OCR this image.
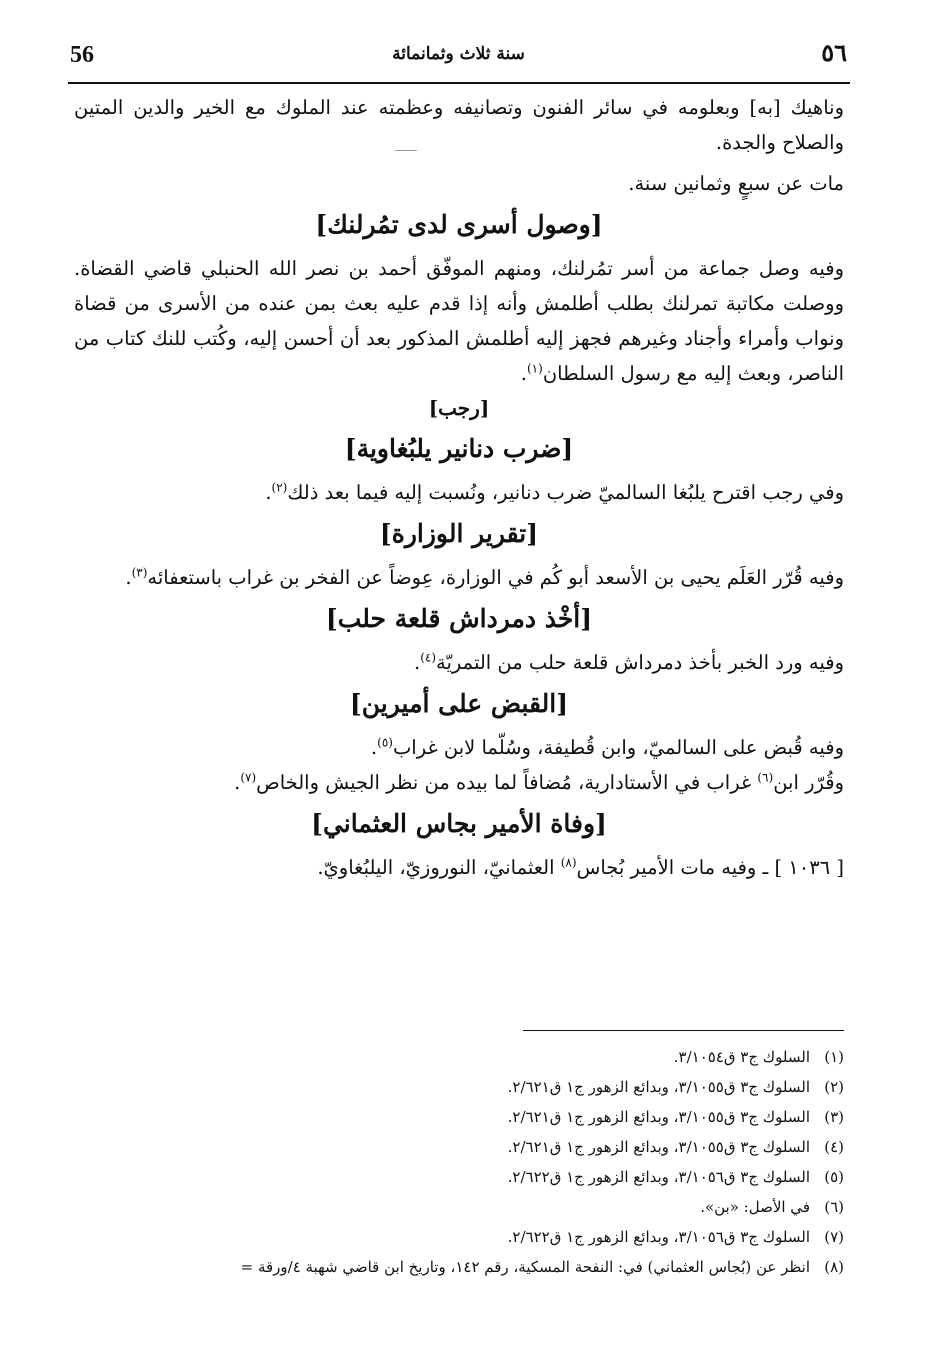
56	سنة ثلاث وثمانمائة	٥٦

وناهيك [به] وبعلومه في سائر الفنون وتصانيفه وعظمته عند الملوك مع الخير والدين المتين والصلاح والجدة.

مات عن سبعٍ وثمانين سنة.

[وصول أسرى لدى تمُرلنك]

وفيه وصل جماعة من أسر تمُرلنك، ومنهم الموفّق أحمد بن نصر الله الحنبلي قاضي القضاة. ووصلت مكاتبة تمرلنك بطلب أطلمش وأنه إذا قدم عليه بعث بمن عنده من الأسرى من قضاة ونواب وأمراء وأجناد وغيرهم فجهز إليه أطلمش المذكور بعد أن أحسن إليه، وكُتب للنك كتاب من الناصر، وبعث إليه مع رسول السلطان$^{(١)}$.

[رجب]
[ضرب دنانير يلبُغاوية]

وفي رجب اقترح يلبُغا السالميّ ضرب دنانير، ونُسبت إليه فيما بعد ذلك$^{(٢)}$.

[تقرير الوزارة]

وفيه قُرّر العَلَم يحيى بن الأسعد أبو كُم في الوزارة، عِوضاً عن الفخر بن غراب باستعفائه$^{(٣)}$.

[أخْذ دمرداش قلعة حلب]

وفيه ورد الخبر بأخذ دمرداش قلعة حلب من التمريّة$^{(٤)}$.

[القبض على أميرين]

وفيه قُبض على السالميّ، وابن قُطيفة، وسُلّما لابن غراب$^{(٥)}$.

وقُرّر ابن$^{(٦)}$ غراب في الأستادارية، مُضافاً لما بيده من نظر الجيش والخاص$^{(٧)}$.

[وفاة الأمير بجاس العثماني]

[ ١٠٣٦ ] ـ وفيه مات الأمير بُجاس$^{(٨)}$ العثمانيّ، النوروزيّ، اليلبُغاويّ.

(١)
السلوك ج٣ ق٣/١٠٥٤.
(٢)
السلوك ج٣ ق٣/١٠٥٥، وبدائع الزهور ج١ ق٢/٦٢١.
(٣)
السلوك ج٣ ق٣/١٠٥٥، وبدائع الزهور ج١ ق٢/٦٢١.
(٤)
السلوك ج٣ ق٣/١٠٥٥، وبدائع الزهور ج١ ق٢/٦٢١.
(٥)
السلوك ج٣ ق٣/١٠٥٦، وبدائع الزهور ج١ ق٢/٦٢٢.
(٦)
في الأصل: «بن».
(٧)
السلوك ج٣ ق٣/١٠٥٦، وبدائع الزهور ج١ ق٢/٦٢٢.
(٨)
انظر عن (بُجاس العثماني) في: النفحة المسكية، رقم ١٤٢، وتاريخ ابن قاضي شهبة ٤/ورقة =
